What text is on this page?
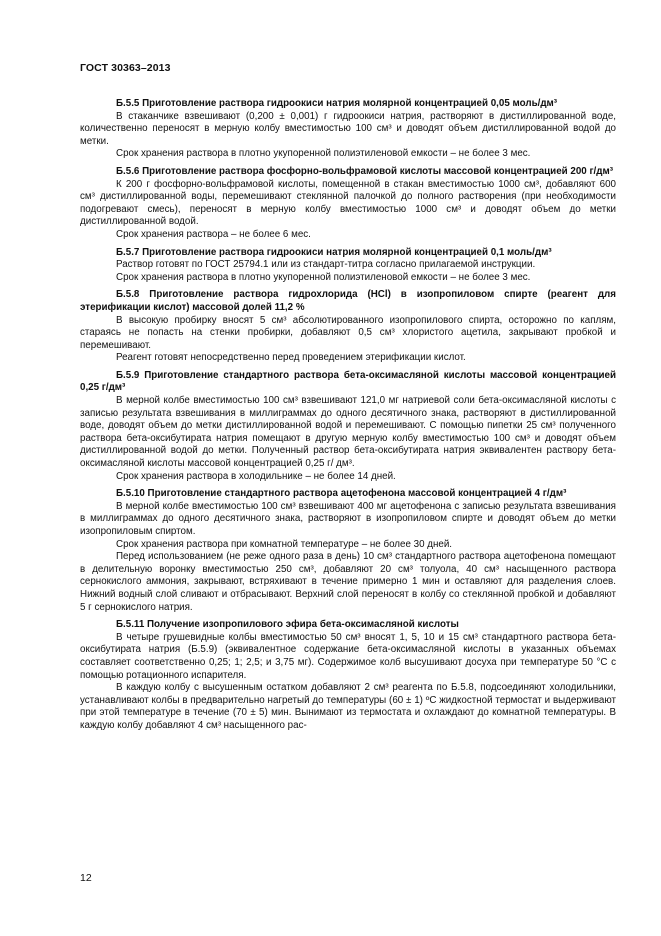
ГОСТ 30363–2013

Б.5.5 Приготовление раствора гидроокиси натрия молярной концентрацией 0,05 моль/дм³

В стаканчике взвешивают (0,200 ± 0,001) г гидроокиси натрия, растворяют в дистиллированной воде, количественно переносят в мерную колбу вместимостью 100 см³ и доводят объем дистиллированной водой до метки.

Срок хранения раствора в плотно укупоренной полиэтиленовой емкости – не более 3 мес.

Б.5.6 Приготовление раствора фосфорно-вольфрамовой кислоты массовой концентрацией 200 г/дм³

К 200 г фосфорно-вольфрамовой кислоты, помещенной в стакан вместимостью 1000 см³, добавляют 600 см³ дистиллированной воды, перемешивают стеклянной палочкой до полного растворения (при необходимости подогревают смесь), переносят в мерную колбу вместимостью 1000 см³ и доводят объем до метки дистиллированной водой.

Срок хранения раствора – не более 6 мес.

Б.5.7 Приготовление раствора гидроокиси натрия молярной концентрацией 0,1 моль/дм³

Раствор готовят по ГОСТ 25794.1 или из стандарт-титра согласно прилагаемой инструкции.

Срок хранения раствора в плотно укупоренной полиэтиленовой емкости – не более 3 мес.

Б.5.8 Приготовление раствора гидрохлорида (HCl) в изопропиловом спирте (реагент для этерификации кислот) массовой долей 11,2 %

В высокую пробирку вносят 5 см³ абсолютированного изопропилового спирта, осторожно по каплям, стараясь не попасть на стенки пробирки, добавляют 0,5 см³ хлористого ацетила, закрывают пробкой и перемешивают.

Реагент готовят непосредственно перед проведением этерификации кислот.

Б.5.9 Приготовление стандартного раствора бета-оксимасляной кислоты массовой концентрацией 0,25 г/дм³

В мерной колбе вместимостью 100 см³ взвешивают 121,0 мг натриевой соли бета-оксимасляной кислоты с записью результата взвешивания в миллиграммах до одного десятичного знака, растворяют в дистиллированной воде, доводят объем до метки дистиллированной водой и перемешивают. С помощью пипетки 25 см³ полученного раствора бета-оксибутирата натрия помещают в другую мерную колбу вместимостью 100 см³ и доводят объем дистиллированной водой до метки. Полученный раствор бета-оксибутирата натрия эквивалентен раствору бета-оксимасляной кислоты массовой концентрацией 0,25 г/ дм³.

Срок хранения раствора в холодильнике – не более 14 дней.

Б.5.10 Приготовление стандартного раствора ацетофенона массовой концентрацией 4 г/дм³

В мерной колбе вместимостью 100 см³ взвешивают 400 мг ацетофенона с записью результата взвешивания в миллиграммах до одного десятичного знака, растворяют в изопропиловом спирте и доводят объем до метки изопропиловым спиртом.

Срок хранения раствора при комнатной температуре – не более 30 дней.

Перед использованием (не реже одного раза в день) 10 см³ стандартного раствора ацетофенона помещают в делительную воронку вместимостью 250 см³, добавляют 20 см³ толуола, 40 см³ насыщенного раствора сернокислого аммония, закрывают, встряхивают в течение примерно 1 мин и оставляют для разделения слоев. Нижний водный слой сливают и отбрасывают. Верхний слой переносят в колбу со стеклянной пробкой и добавляют 5 г сернокислого натрия.

Б.5.11 Получение изопропилового эфира бета-оксимасляной кислоты

В четыре грушевидные колбы вместимостью 50 см³ вносят 1, 5, 10 и 15 см³ стандартного раствора бета-оксибутирата натрия (Б.5.9) (эквивалентное содержание бета-оксимасляной кислоты в указанных объемах составляет соответственно 0,25; 1; 2,5; и 3,75 мг). Содержимое колб высушивают досуха при температуре 50 °С с помощью ротационного испарителя.

В каждую колбу с высушенным остатком добавляют 2 см³ реагента по Б.5.8, подсоединяют холодильники, устанавливают колбы в предварительно нагретый до температуры (60 ± 1) ºС жидкостной термостат и выдерживают при этой температуре в течение (70 ± 5) мин. Вынимают из термостата и охлаждают до комнатной температуры. В каждую колбу добавляют 4 см³ насыщенного рас-

12
